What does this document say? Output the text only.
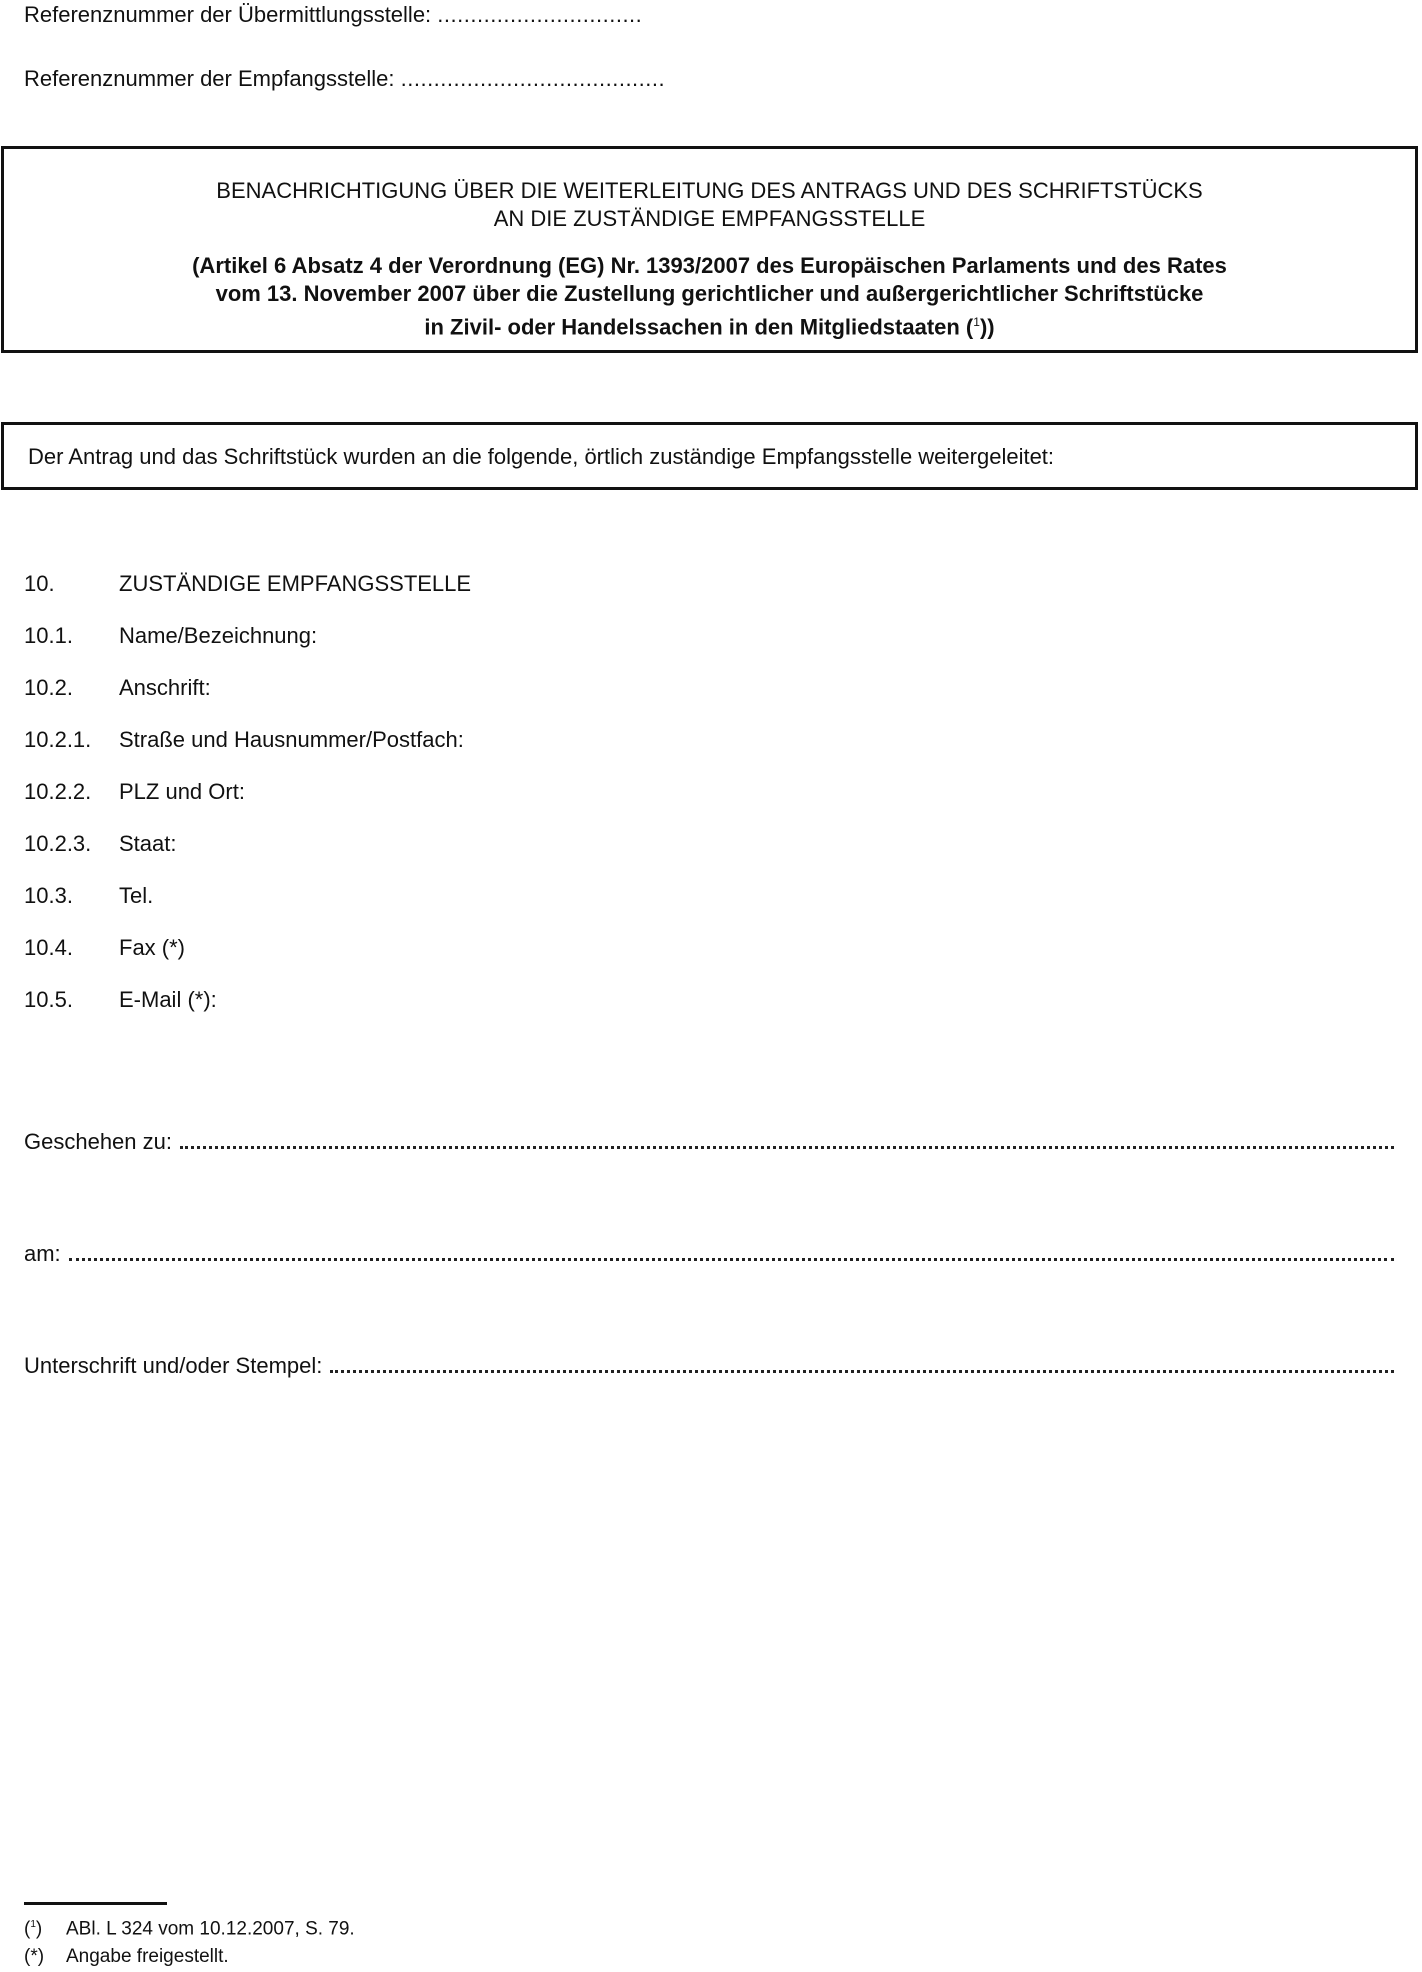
Referenznummer der Übermittlungsstelle: ...............................
Referenznummer der Empfangsstelle: ........................................
BENACHRICHTIGUNG ÜBER DIE WEITERLEITUNG DES ANTRAGS UND DES SCHRIFTSTÜCKS
AN DIE ZUSTÄNDIGE EMPFANGSSTELLE
(Artikel 6 Absatz 4 der Verordnung (EG) Nr. 1393/2007 des Europäischen Parlaments und des Rates
vom 13. November 2007 über die Zustellung gerichtlicher und außergerichtlicher Schriftstücke
in Zivil- oder Handelssachen in den Mitgliedstaaten ($^1$))
Der Antrag und das Schriftstück wurden an die folgende, örtlich zuständige Empfangsstelle weitergeleitet:
10.	ZUSTÄNDIGE EMPFANGSSTELLE
10.1. Name/Bezeichnung:
10.2. Anschrift:
10.2.1. Straße und Hausnummer/Postfach:
10.2.2. PLZ und Ort:
10.2.3. Staat:
10.3. Tel.
10.4. Fax (*)
10.5. E-Mail (*):
Geschehen zu:
am:
Unterschrift und/oder Stempel:
($^1$) ABl. L 324 vom 10.12.2007, S. 79.
(*) Angabe freigestellt.
